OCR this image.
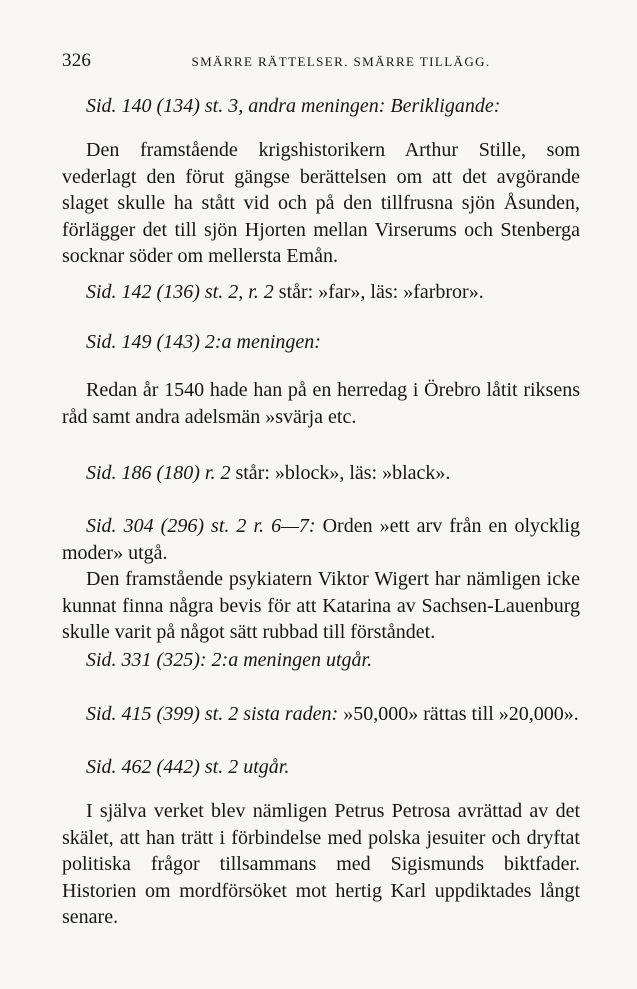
326	SMÄRRE RÄTTELSER. SMÄRRE TILLÄGG.
Sid. 140 (134) st. 3, andra meningen: Berikligande:
Den framstående krigshistorikern Arthur Stille, som vederlagt den förut gängse berättelsen om att det avgörande slaget skulle ha stått vid och på den tillfrusna sjön Åsunden, förlägger det till sjön Hjorten mellan Virserums och Stenberga socknar söder om mellersta Emån.
Sid. 142 (136) st. 2, r. 2 står: »far», läs: »farbror».
Sid. 149 (143) 2:a meningen:
Redan år 1540 hade han på en herredag i Örebro låtit riksens råd samt andra adelsmän »svärja etc.
Sid. 186 (180) r. 2 står: »block», läs: »black».
Sid. 304 (296) st. 2 r. 6—7: Orden »ett arv från en olycklig moder» utgå.
Den framstående psykiatern Viktor Wigert har nämligen icke kunnat finna några bevis för att Katarina av Sachsen-Lauenburg skulle varit på något sätt rubbad till förståndet.
Sid. 331 (325): 2:a meningen utgår.
Sid. 415 (399) st. 2 sista raden: »50,000» rättas till »20,000».
Sid. 462 (442) st. 2 utgår.
I själva verket blev nämligen Petrus Petrosa avrättad av det skälet, att han trätt i förbindelse med polska jesuiter och dryftat politiska frågor tillsammans med Sigismunds biktfader. Historien om mordförsöket mot hertig Karl uppdiktades långt senare.
